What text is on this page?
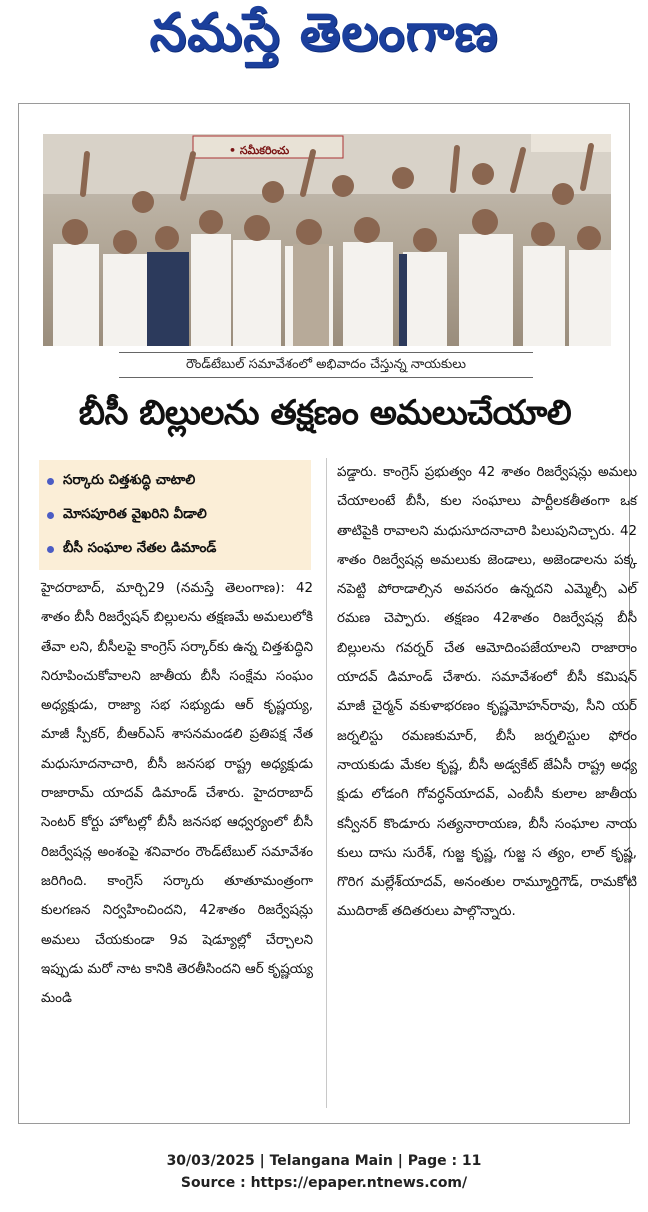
నమస్తే తెలంగాణ
• సమీకరించు
రౌండ్‌టేబుల్ సమావేశంలో అభివాదం చేస్తున్న నాయకులు
బీసీ బిల్లులను తక్షణం అమలుచేయాలి
సర్కారు చిత్తశుద్ధి చాటాలి
మోసపూరిత వైఖరిని వీడాలి
బీసీ సంఘాల నేతల డిమాండ్

హైదరాబాద్, మార్చి29 (నమస్తే తెలంగాణ): 42 శాతం బీసీ రిజర్వేషన్ బిల్లులను తక్షణమే అమలులోకి తేవా లని, బీసీలపై కాంగ్రెస్ సర్కార్‌కు ఉన్న చిత్తశుద్ధిని నిరూపించుకోవాలని జాతీయ బీసీ సంక్షేమ సంఘం అధ్యక్షుడు, రాజ్యా సభ సభ్యుడు ఆర్ కృష్ణయ్య, మాజీ స్పీకర్, బీఆర్‌ఎస్ శాసనమండలి ప్రతిపక్ష నేత మధుసూదనాచారి, బీసీ జనసభ రాష్ట్ర అధ్యక్షుడు రాజారామ్ యాదవ్ డిమాండ్ చేశారు. హైదరాబాద్ సెంటర్ కోర్టు హోటల్లో బీసీ జనసభ ఆధ్వర్యంలో బీసీ రిజర్వేషన్ల అంశంపై శనివారం రౌండ్‌టేబుల్ సమావేశం జరిగింది. కాంగ్రెస్ సర్కారు తూతూమంత్రంగా కులగణన నిర్వహించిందని, 42శాతం రిజర్వేషన్లు అమలు చేయకుండా 9వ షెడ్యూల్లో చేర్చాలని ఇప్పుడు మరో నాట కానికి తెరతీసిందని ఆర్ కృష్ణయ్య మండి

పడ్డారు. కాంగ్రెస్ ప్రభుత్వం 42 శాతం రిజర్వేషన్లు అమలు చేయాలంటే బీసీ, కుల సంఘాలు పార్టీలకతీతంగా ఒక తాటిపైకి రావాలని మధుసూదనాచారి పిలుపునిచ్చారు. 42 శాతం రిజర్వేషన్ల అమలుకు జెండాలు, అజెండాలను పక్క నపెట్టి పోరాడాల్సిన అవసరం ఉన్నదని ఎమ్మెల్సీ ఎల్ రమణ చెప్పారు. తక్షణం 42శాతం రిజర్వేషన్ల బీసీ బిల్లులను గవర్నర్ చేత ఆమోదింపజేయాలని రాజారాం యాదవ్ డిమాండ్ చేశారు. సమావేశంలో బీసీ కమిషన్ మాజీ చైర్మన్ వకుళాభరణం కృష్ణమోహన్‌రావు, సీని యర్ జర్నలిస్టు రమణకుమార్, బీసీ జర్నలిస్టుల ఫోరం నాయకుడు మేకల కృష్ణ, బీసీ అడ్వకేట్ జేఏసీ రాష్ట్ర అధ్య క్షుడు లోడంగి గోవర్ధన్‌యాదవ్, ఎంబీసీ కులాల జాతీయ కన్వీనర్ కొండూరు సత్యనారాయణ, బీసీ సంఘాల నాయ కులు దాసు సురేశ్, గుజ్జ కృష్ణ, గుజ్జ స త్యం, లాల్ కృష్ణ, గొరిగ మల్లేశ్‌యాదవ్, అనంతుల రామ్మూర్తిగౌడ్, రామకోటి ముదిరాజ్ తదితరులు పాల్గొన్నారు.

30/03/2025 | Telangana Main | Page : 11
Source : https://epaper.ntnews.com/
